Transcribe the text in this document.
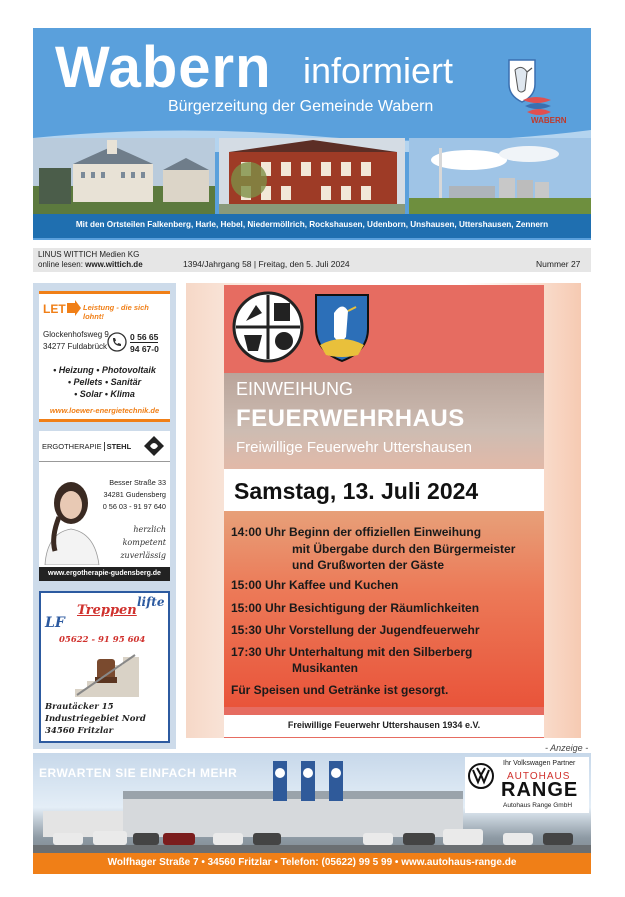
Wabern informiert
Bürgerzeitung der Gemeinde Wabern
WABERN
Mit den Ortsteilen Falkenberg, Harle, Hebel, Niedermöllrich, Rockshausen, Udenborn, Unshausen, Uttershausen, Zennern
LINUS WITTICH Medien KG
online lesen: www.wittich.de	1394/Jahrgang 58 | Freitag, den 5. Juli 2024	Nummer 27
LET Leistung - die sich lohnt!
Glockenhofsweg 9
34277 Fuldabrück
0 56 65
94 67-0
• Heizung • Photovoltaik
• Pellets • Sanitär
• Solar • Klima
www.loewer-energietechnik.de
ERGOTHERAPIE STEHL
Besser Straße 33
34281 Gudensberg
0 56 03 - 91 97 640
herzlich
kompetent
zuverlässig
www.ergotherapie-gudensberg.de
LF
Treppen
lifte
05622 - 91 95 604
Brautäcker 15
Industriegebiet Nord
34560 Fritzlar
EINWEIHUNG
FEUERWEHRHAUS
Freiwillige Feuerwehr Uttershausen
Samstag, 13. Juli 2024
14:00 Uhr Beginn der offiziellen Einweihung
mit Übergabe durch den Bürgermeister
und Grußworten der Gäste
15:00 Uhr Kaffee und Kuchen
15:00 Uhr Besichtigung der Räumlichkeiten
15:30 Uhr Vorstellung der Jugendfeuerwehr
17:30 Uhr Unterhaltung mit den Silberberg
Musikanten
Für Speisen und Getränke ist gesorgt.
Freiwillige Feuerwehr Uttershausen 1934 e.V.
- Anzeige -
ERWARTEN SIE EINFACH MEHR
Ihr Volkswagen Partner
AUTOHAUS
RANGE
Autohaus Range GmbH
Wolfhager Straße 7 • 34560 Fritzlar • Telefon: (05622) 99 5 99 • www.autohaus-range.de
